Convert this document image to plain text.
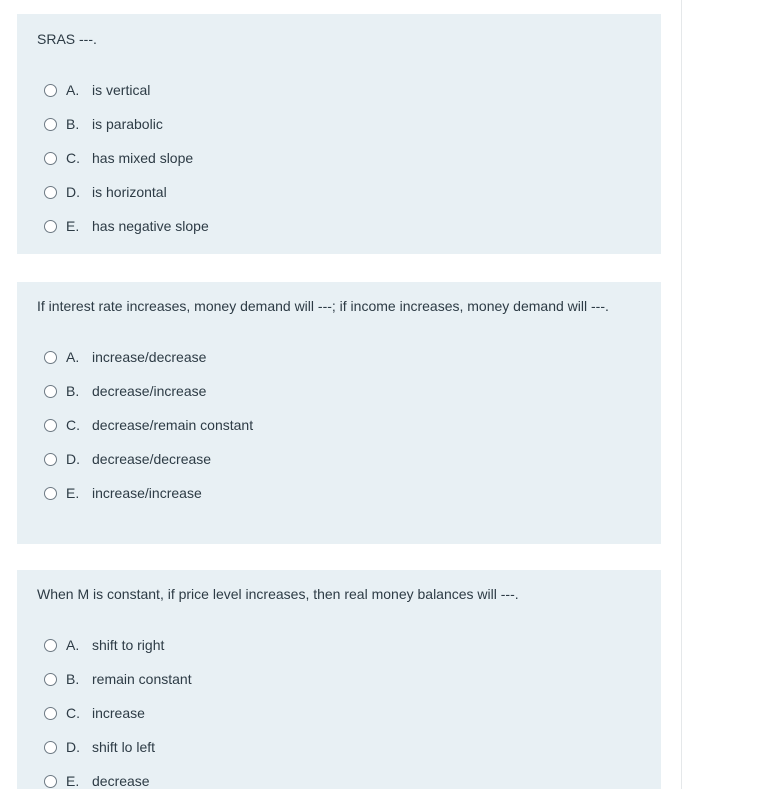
SRAS ---.

A. is vertical
B. is parabolic
C. has mixed slope
D. is horizontal
E. has negative slope

If interest rate increases, money demand will ---; if income increases, money demand will ---.

A. increase/decrease
B. decrease/increase
C. decrease/remain constant
D. decrease/decrease
E. increase/increase

When M is constant, if price level increases, then real money balances will ---.

A. shift to right
B. remain constant
C. increase
D. shift lo left
E. decrease
